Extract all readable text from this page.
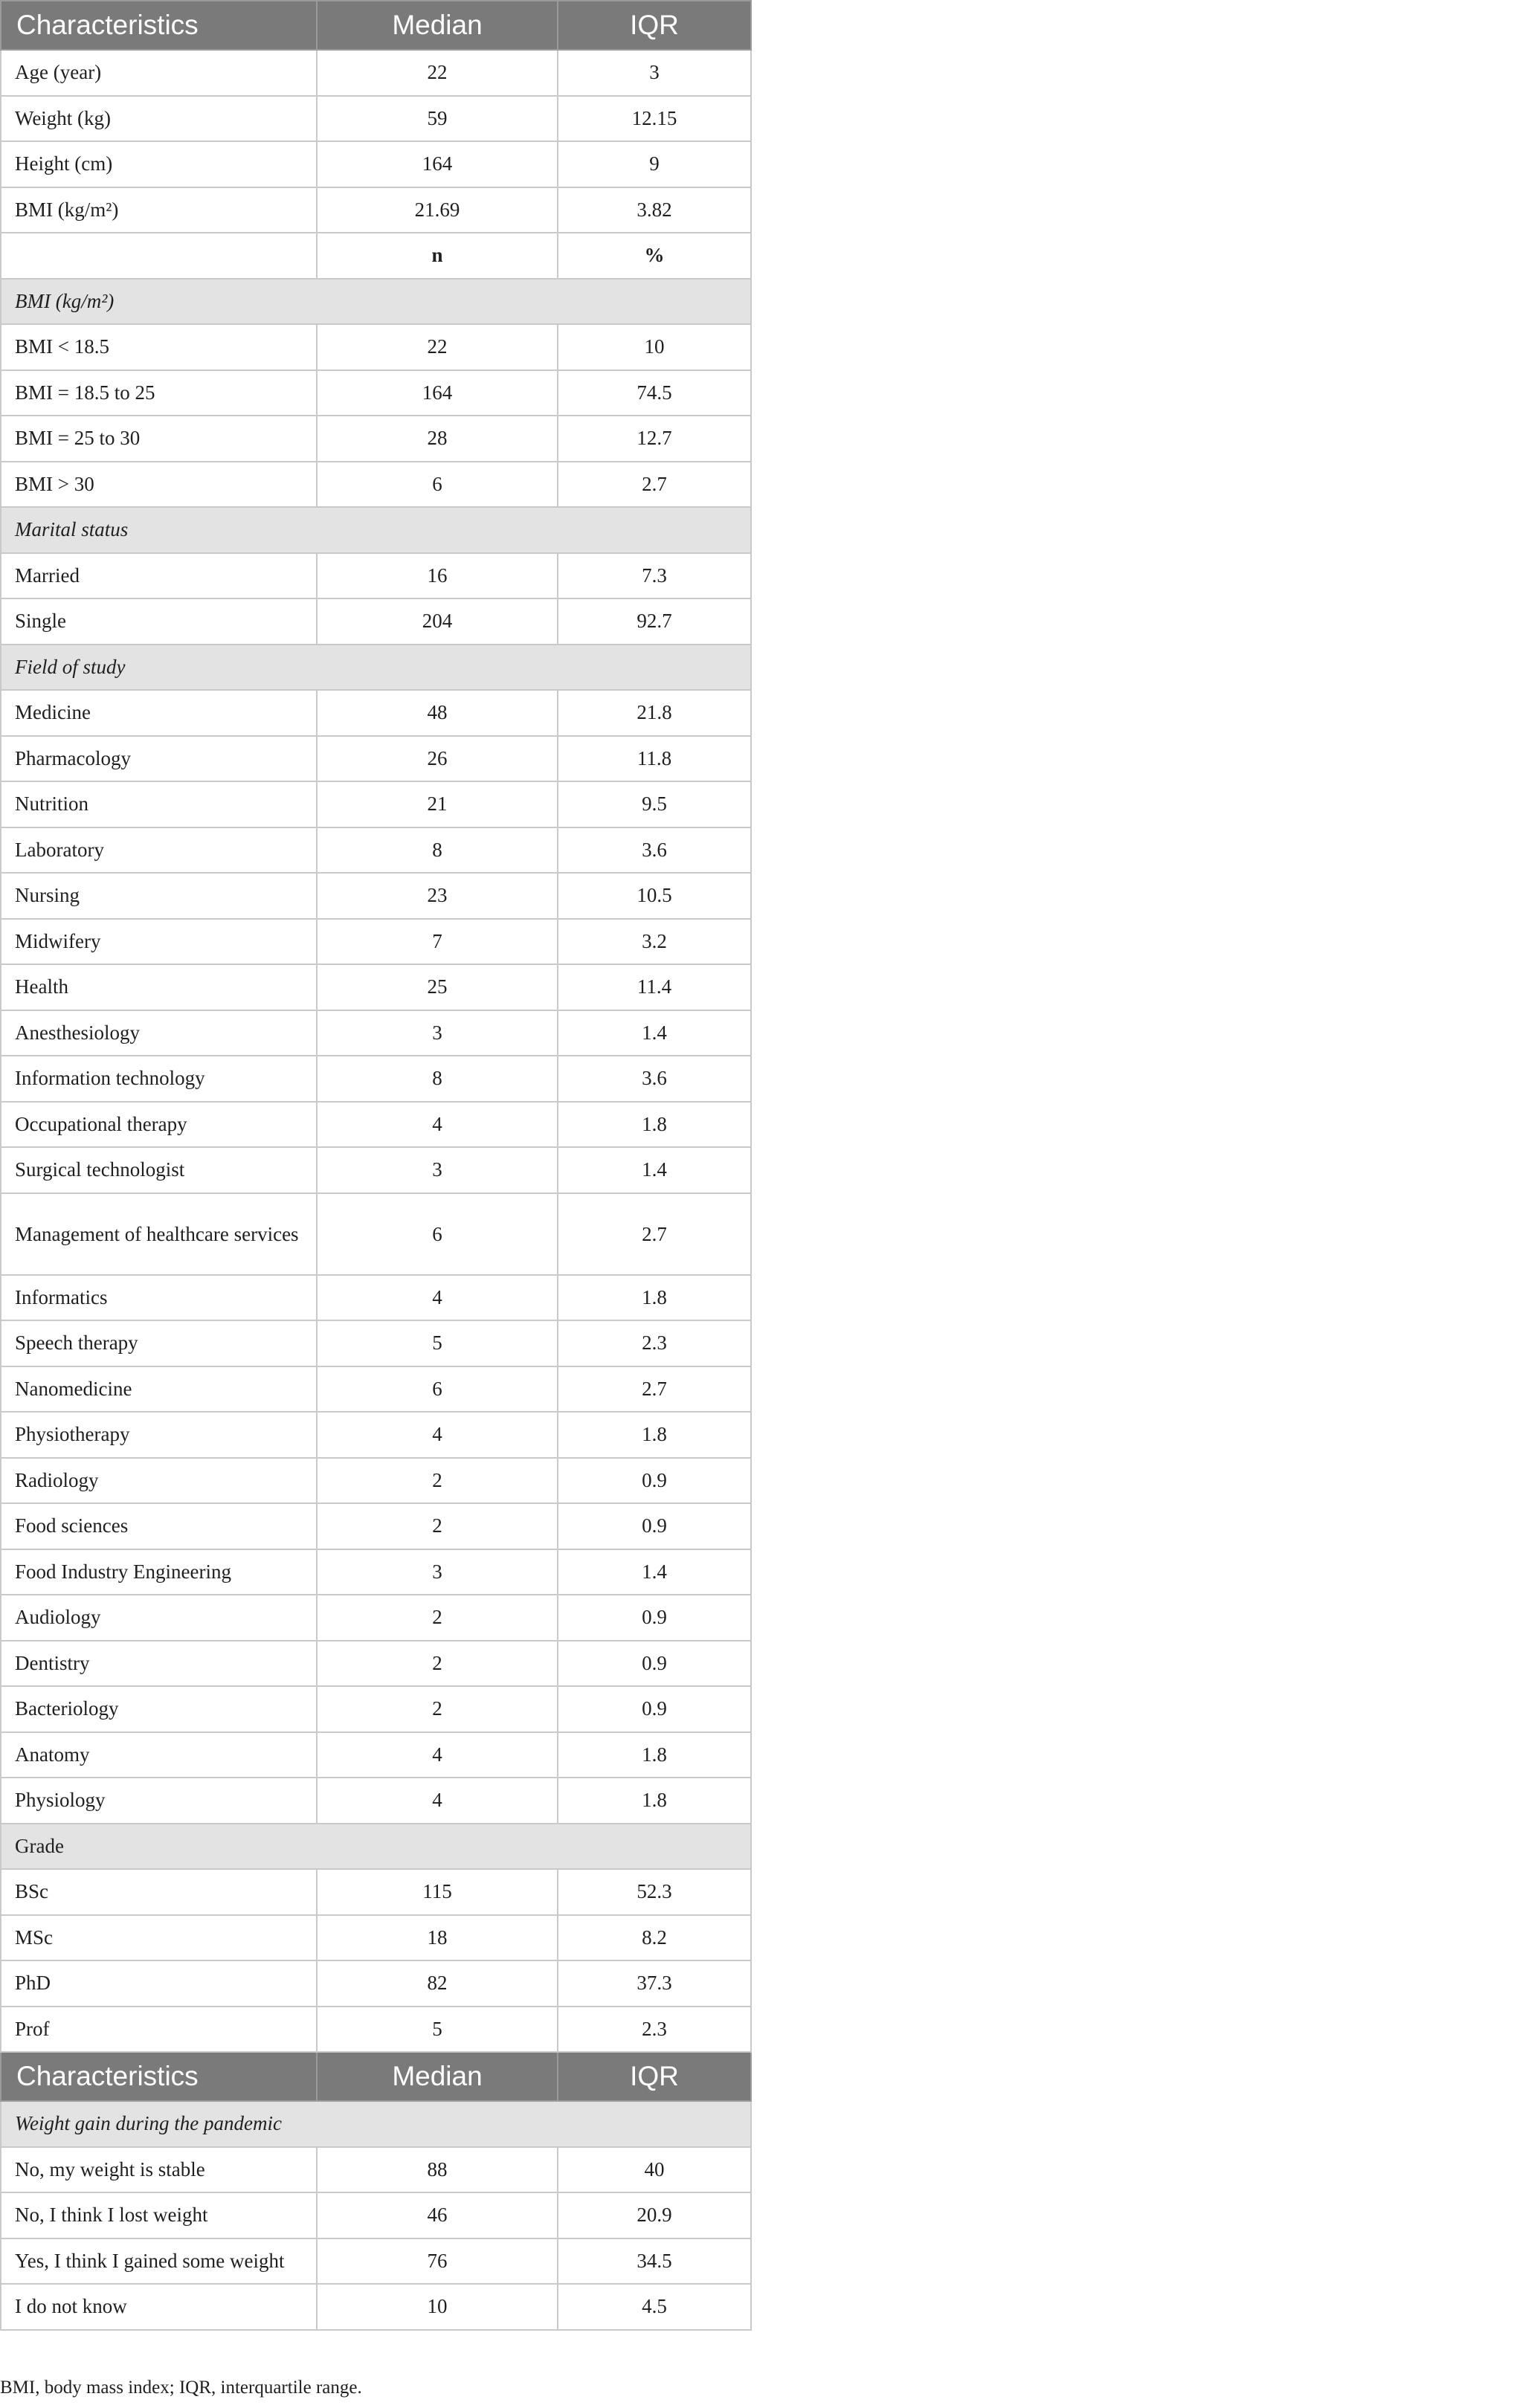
Characteristics	Median	IQR
Age (year)	22	3
Weight (kg)	59	12.15
Height (cm)	164	9
BMI (kg/m²)	21.69	3.82
	n	%
BMI (kg/m²)		
BMI < 18.5	22	10
BMI = 18.5 to 25	164	74.5
BMI = 25 to 30	28	12.7
BMI > 30	6	2.7
Marital status		
Married	16	7.3
Single	204	92.7
Field of study		
Medicine	48	21.8
Pharmacology	26	11.8
Nutrition	21	9.5
Laboratory	8	3.6
Nursing	23	10.5
Midwifery	7	3.2
Health	25	11.4
Anesthesiology	3	1.4
Information technology	8	3.6
Occupational therapy	4	1.8
Surgical technologist	3	1.4
Management of healthcare services	6	2.7
Informatics	4	1.8
Speech therapy	5	2.3
Nanomedicine	6	2.7
Physiotherapy	4	1.8
Radiology	2	0.9
Food sciences	2	0.9
Food Industry Engineering	3	1.4
Audiology	2	0.9
Dentistry	2	0.9
Bacteriology	2	0.9
Anatomy	4	1.8
Physiology	4	1.8
Grade		
BSc	115	52.3
MSc	18	8.2
PhD	82	37.3
Prof	5	2.3
Characteristics	Median	IQR
Weight gain during the pandemic		
No, my weight is stable	88	40
No, I think I lost weight	46	20.9
Yes, I think I gained some weight	76	34.5
I do not know	10	4.5
BMI, body mass index; IQR, interquartile range.
